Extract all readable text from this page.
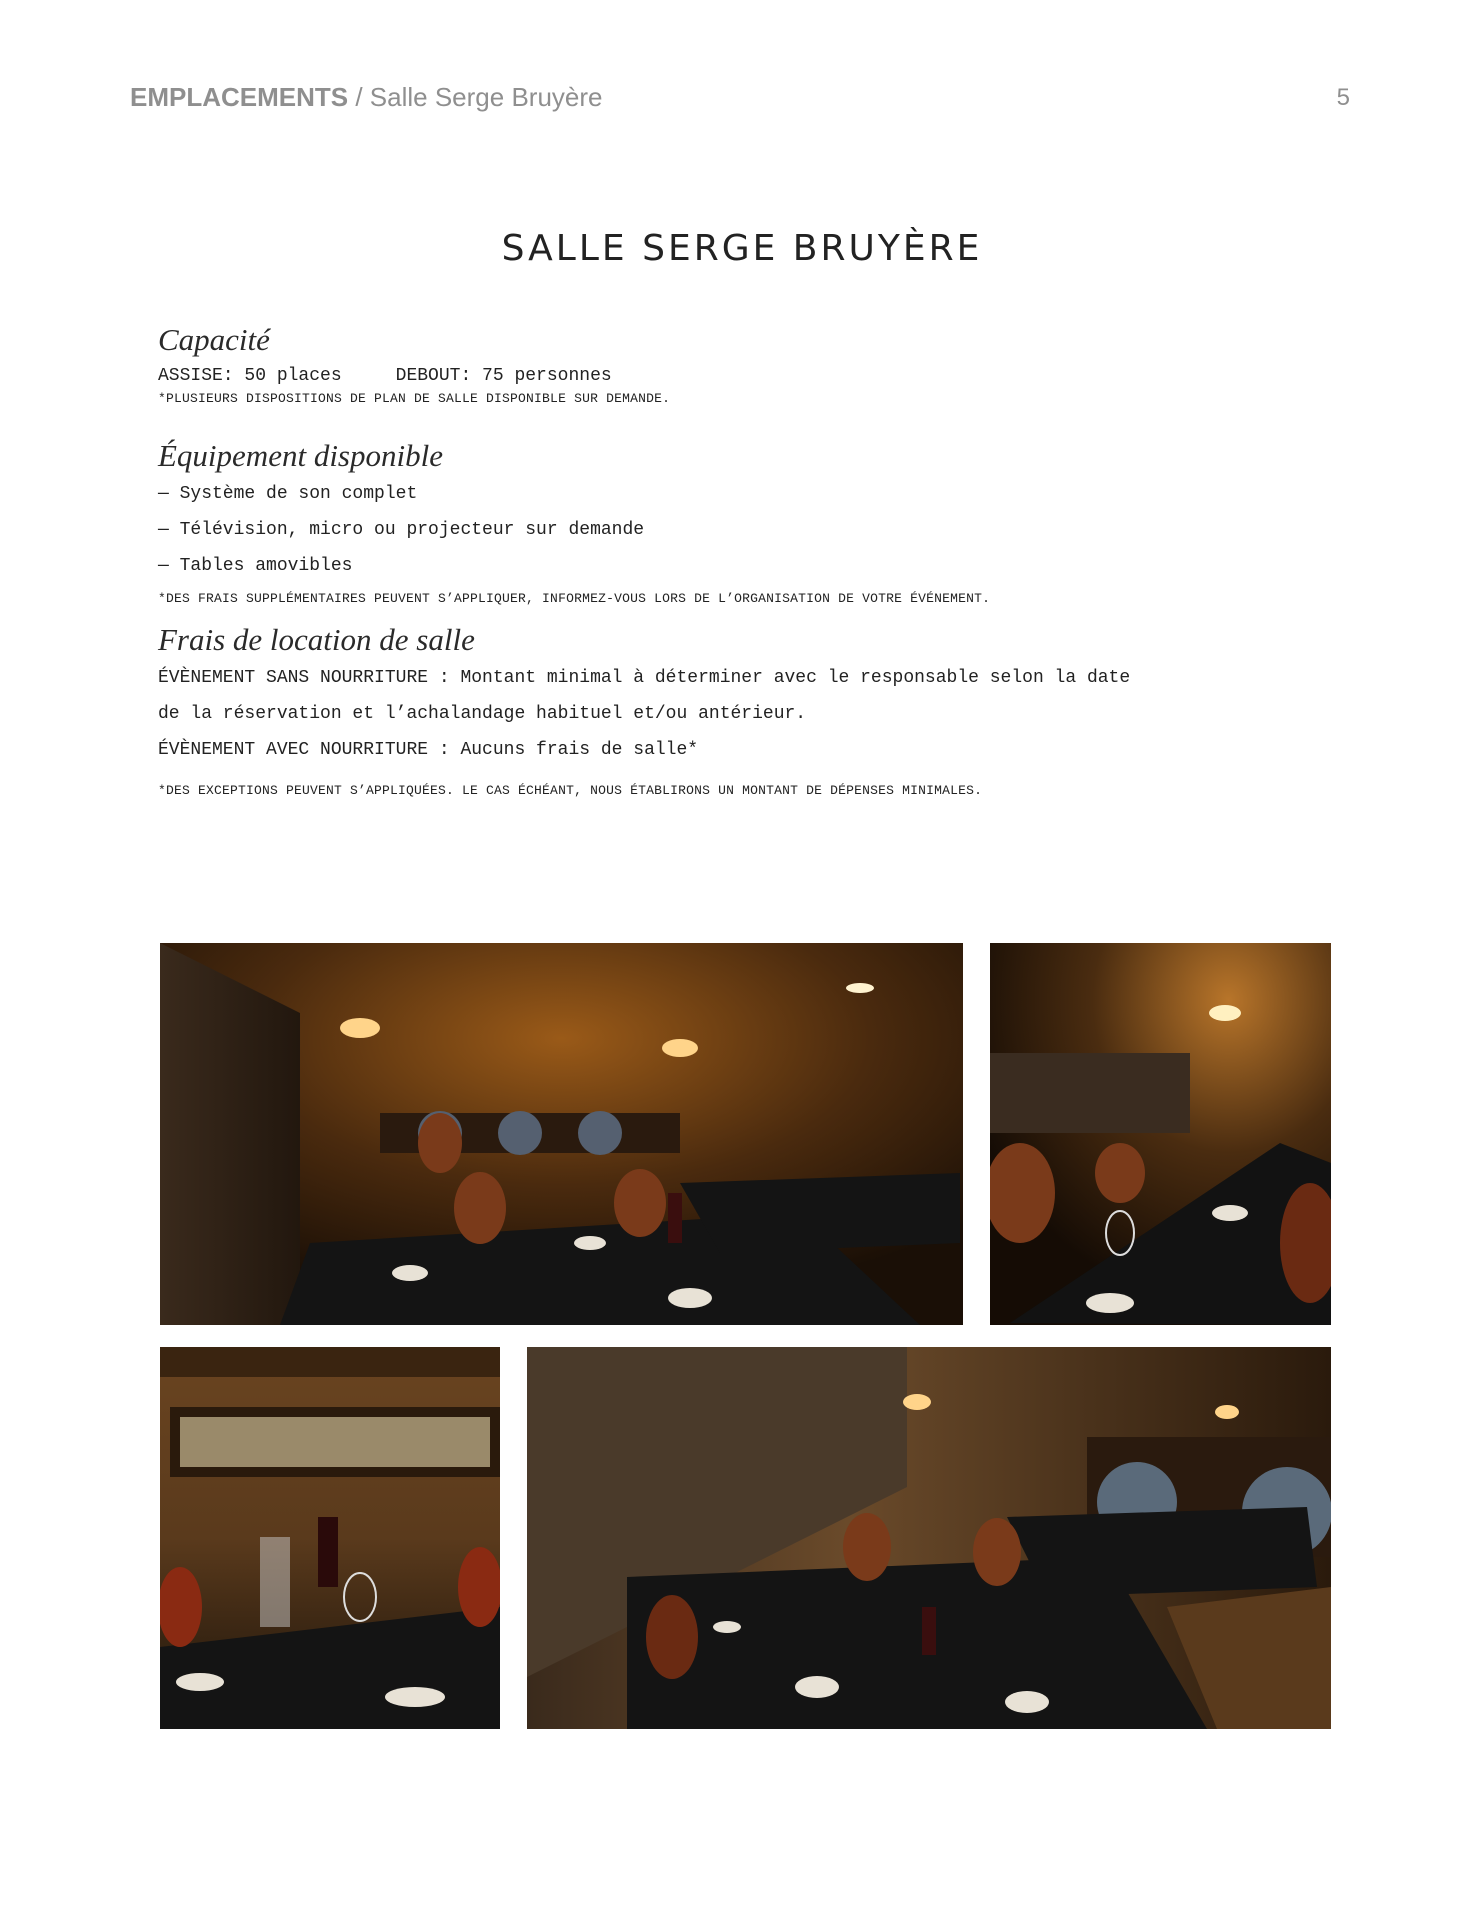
EMPLACEMENTS / Salle Serge Bruyère	5
SALLE SERGE BRUYÈRE

Capacité

ASSISE: 50 places     DEBOUT: 75 personnes
*PLUSIEURS DISPOSITIONS DE PLAN DE SALLE DISPONIBLE SUR DEMANDE.

Équipement disponible

— Système de son complet
— Télévision, micro ou projecteur sur demande
— Tables amovibles
*DES FRAIS SUPPLÉMENTAIRES PEUVENT S’APPLIQUER, INFORMEZ-VOUS LORS DE L’ORGANISATION DE VOTRE ÉVÉNEMENT.

Frais de location de salle

ÉVÈNEMENT SANS NOURRITURE : Montant minimal à déterminer avec le responsable selon la date
de la réservation et l’achalandage habituel et/ou antérieur.
ÉVÈNEMENT AVEC NOURRITURE : Aucuns frais de salle*
*DES EXCEPTIONS PEUVENT S’APPLIQUÉES. LE CAS ÉCHÉANT, NOUS ÉTABLIRONS UN MONTANT DE DÉPENSES MINIMALES.
